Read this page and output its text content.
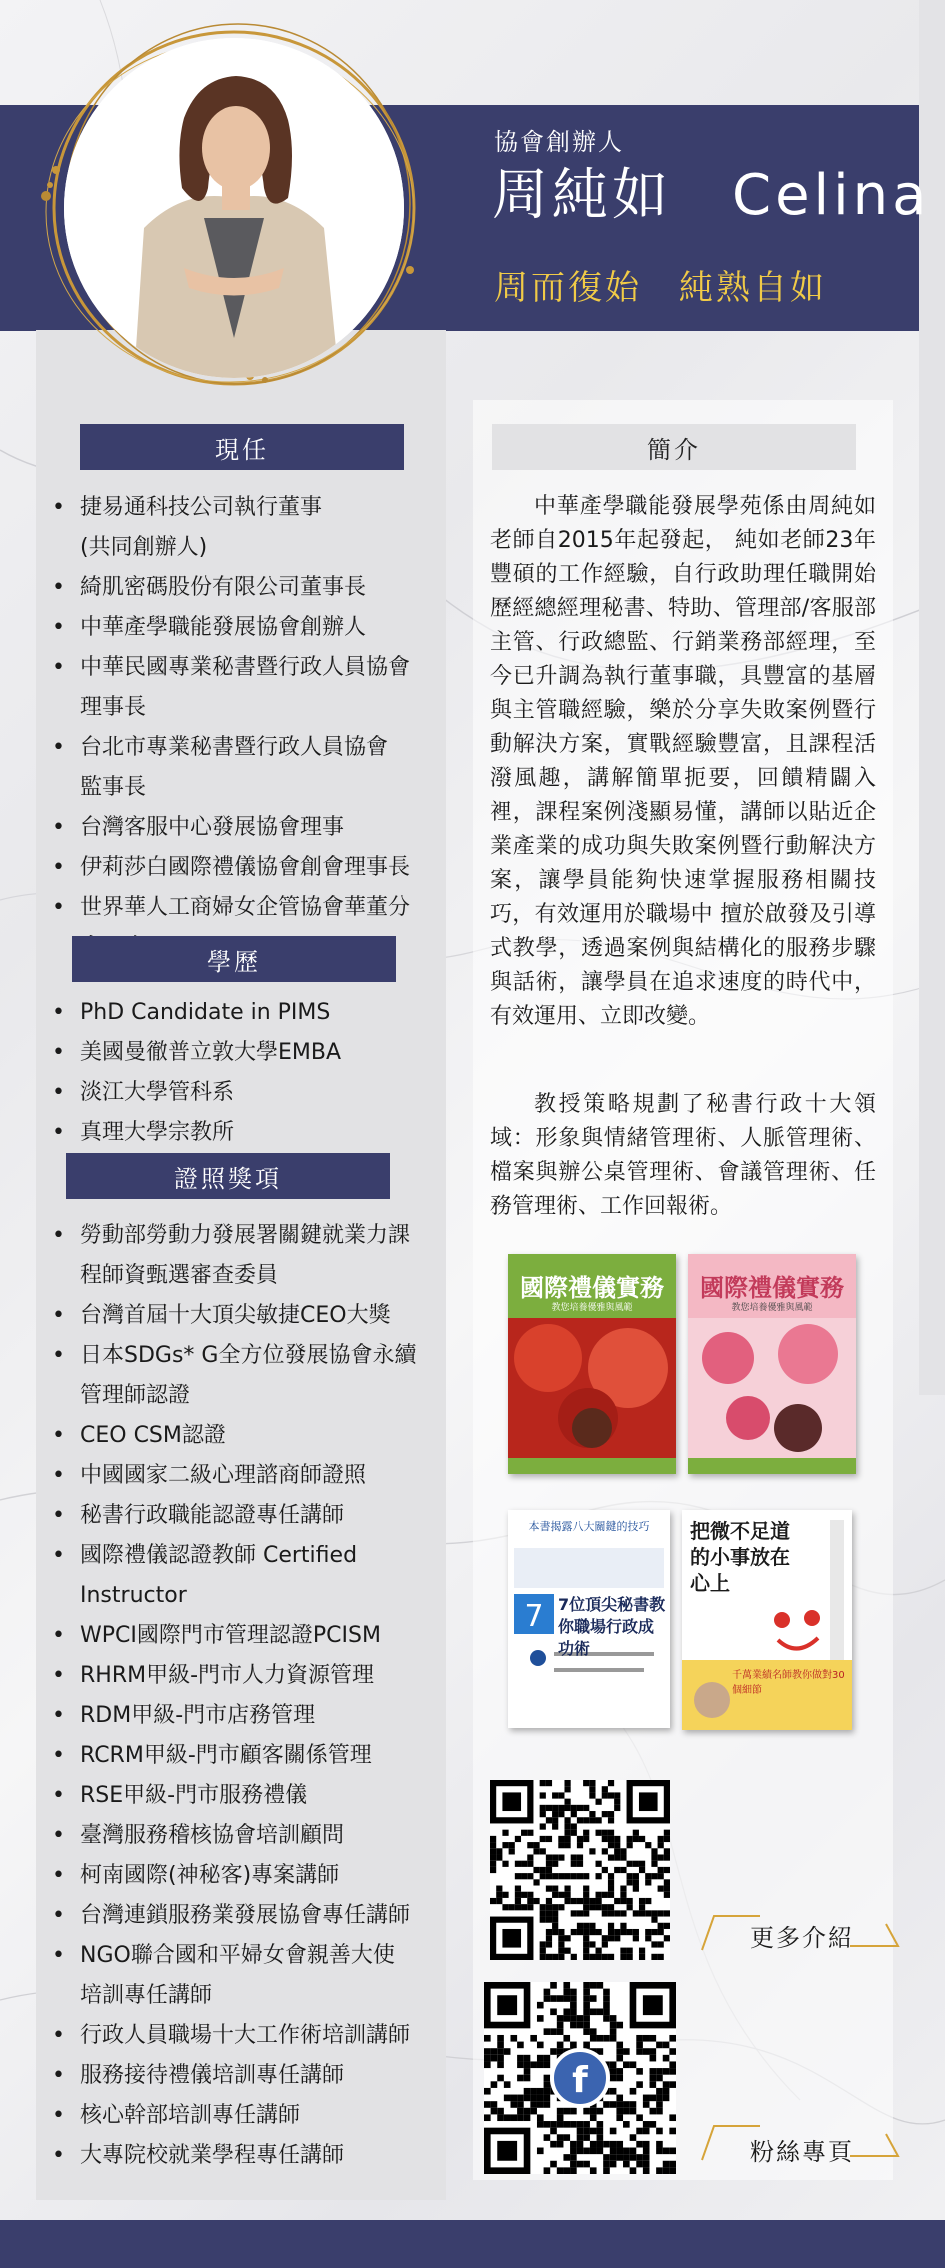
協會創辦人
周純如　Celina
周而復始　純熟自如
現任
• 捷易通科技公司執行董事
(共同創辦人)
• 綺肌密碼股份有限公司董事長
• 中華產學職能發展協會創辦人
• 中華民國專業秘書暨行政人員協會
理事長
• 台北市專業秘書暨行政人員協會
監事長
• 台灣客服中心發展協會理事
• 伊莉莎白國際禮儀協會創會理事長
• 世界華人工商婦女企管協會華董分
學歷
• PhD Candidate in PIMS
• 美國曼徹普立敦大學EMBA
• 淡江大學管科系
• 真理大學宗教所
證照獎項
• 勞動部勞動力發展署關鍵就業力課
程師資甄選審查委員
• 台灣首屆十大頂尖敏捷CEO大獎
• 日本SDGs* G全方位發展協會永續
管理師認證
• CEO CSM認證
• 中國國家二級心理諮商師證照
• 秘書行政職能認證專任講師
• 國際禮儀認證教師 Certified
Instructor
• WPCI國際門市管理認證PCISM
• RHRM甲級-門市人力資源管理
• RDM甲級-門市店務管理
• RCRM甲級-門市顧客關係管理
• RSE甲級-門市服務禮儀
• 臺灣服務稽核協會培訓顧問
• 柯南國際(神秘客)專案講師
• 台灣連鎖服務業發展協會專任講師
• NGO聯合國和平婦女會親善大使
培訓專任講師
• 行政人員職場十大工作術培訓講師
• 服務接待禮儀培訓專任講師
• 核心幹部培訓專任講師
• 大專院校就業學程專任講師
簡介

中華產學職能發展學苑係由周純如老師自2015年起發起， 純如老師23年豐碩的工作經驗，自行政助理任職開始歷經總經理秘書、特助、管理部/客服部主管、行政總監、行銷業務部經理，至今已升調為執行董事職，具豐富的基層與主管職經驗，樂於分享失敗案例暨行動解決方案，實戰經驗豐富，且課程活潑風趣，講解簡單扼要，回饋精闢入裡，課程案例淺顯易懂，講師以貼近企業產業的成功與失敗案例暨行動解決方案，讓學員能夠快速掌握服務相關技巧，有效運用於職場中 擅於啟發及引導式教學，透過案例與結構化的服務步驟與話術，讓學員在追求速度的時代中，有效運用、立即改變。

教授策略規劃了秘書行政十大領域：形象與情緒管理術、人脈管理術、檔案與辦公桌管理術、會議管理術、任務管理術、工作回報術。

國際禮儀實務
教您培養優雅與風範
國際禮儀實務
教您培養優雅與風範
本書揭露八大關鍵的技巧
7 7位頂尖秘書教你職場行政成功術
把微不足道的小事放在心上
千萬業績名師教你做對30個細節
更多介紹
f
粉絲專頁
